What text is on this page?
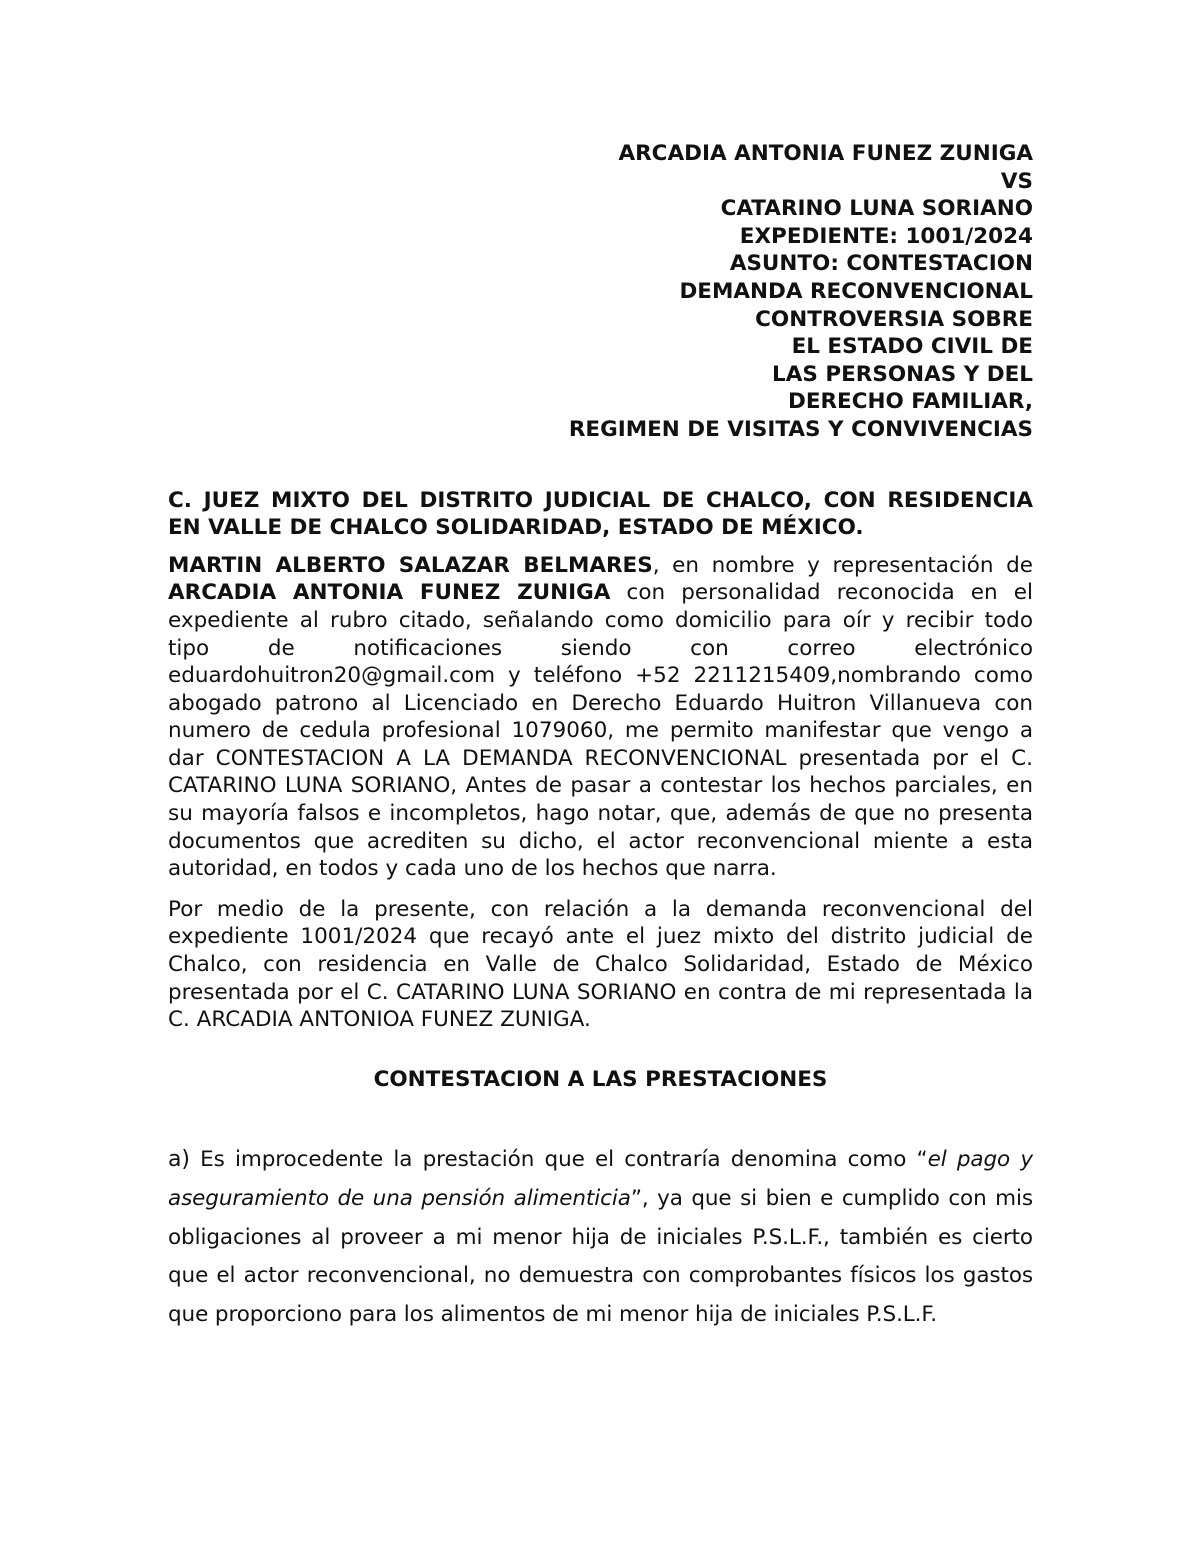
ARCADIA ANTONIA FUNEZ ZUNIGA
VS
CATARINO LUNA SORIANO
EXPEDIENTE: 1001/2024
ASUNTO: CONTESTACION
DEMANDA RECONVENCIONAL
CONTROVERSIA SOBRE
EL ESTADO CIVIL DE
LAS PERSONAS Y DEL
DERECHO FAMILIAR,
REGIMEN DE VISITAS Y CONVIVENCIAS
C. JUEZ MIXTO DEL DISTRITO JUDICIAL DE CHALCO, CON RESIDENCIA EN VALLE DE CHALCO SOLIDARIDAD, ESTADO DE MÉXICO.

MARTIN ALBERTO SALAZAR BELMARES, en nombre y representación de ARCADIA ANTONIA FUNEZ ZUNIGA con personalidad reconocida en el expediente al rubro citado, señalando como domicilio para oír y recibir todo tipo de notificaciones siendo con correo electrónico eduardohuitron20@gmail.com y teléfono +52 2211215409,nombrando como abogado patrono al Licenciado en Derecho Eduardo Huitron Villanueva con numero de cedula profesional 1079060, me permito manifestar que vengo a dar CONTESTACION A LA DEMANDA RECONVENCIONAL presentada por el C. CATARINO LUNA SORIANO, Antes de pasar a contestar los hechos parciales, en su mayoría falsos e incompletos, hago notar, que, además de que no presenta documentos que acrediten su dicho, el actor reconvencional miente a esta autoridad, en todos y cada uno de los hechos que narra.

Por medio de la presente, con relación a la demanda reconvencional del expediente 1001/2024 que recayó ante el juez mixto del distrito judicial de Chalco, con residencia en Valle de Chalco Solidaridad, Estado de México presentada por el C. CATARINO LUNA SORIANO en contra de mi representada la C. ARCADIA ANTONIOA FUNEZ ZUNIGA.

CONTESTACION A LAS PRESTACIONES

a) Es improcedente la prestación que el contraría denomina como “el pago y aseguramiento de una pensión alimenticia”, ya que si bien e cumplido con mis obligaciones al proveer a mi menor hija de iniciales P.S.L.F., también es cierto que el actor reconvencional, no demuestra con comprobantes físicos los gastos que proporciono para los alimentos de mi menor hija de iniciales P.S.L.F.
